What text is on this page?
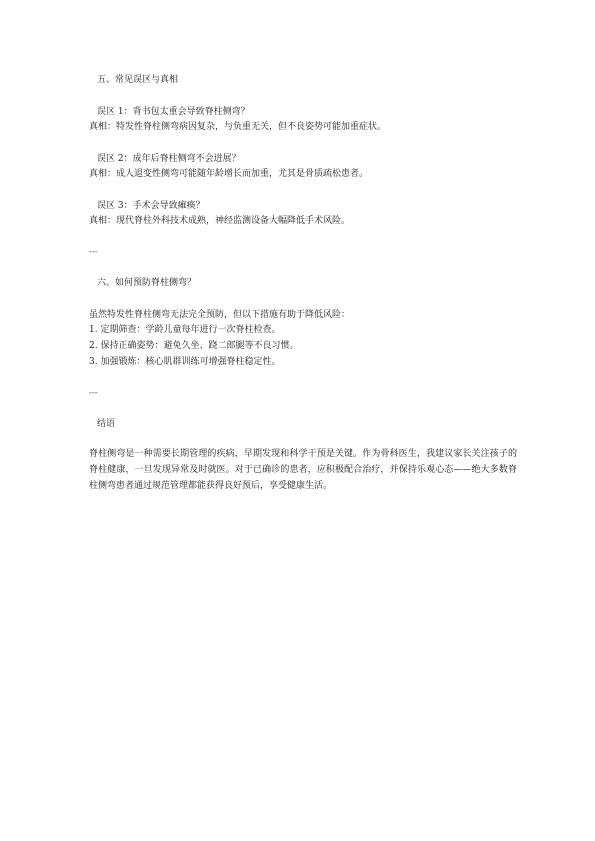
五、常见误区与真相
误区 1：背书包太重会导致脊柱侧弯？
真相：特发性脊柱侧弯病因复杂，与负重无关，但不良姿势可能加重症状。
误区 2：成年后脊柱侧弯不会进展？
真相：成人退变性侧弯可能随年龄增长而加重，尤其是骨质疏松患者。
误区 3：手术会导致瘫痪？
真相：现代脊柱外科技术成熟，神经监测设备大幅降低手术风险。
---
六、如何预防脊柱侧弯？
虽然特发性脊柱侧弯无法完全预防，但以下措施有助于降低风险：
1. 定期筛查：学龄儿童每年进行一次脊柱检查。
2. 保持正确姿势：避免久坐、跷二郎腿等不良习惯。
3. 加强锻炼：核心肌群训练可增强脊柱稳定性。
---
结语
脊柱侧弯是一种需要长期管理的疾病，早期发现和科学干预是关键。作为骨科医生，我建议家长关注孩子的脊柱健康，一旦发现异常及时就医。对于已确诊的患者，应积极配合治疗，并保持乐观心态——绝大多数脊柱侧弯患者通过规范管理都能获得良好预后，享受健康生活。
